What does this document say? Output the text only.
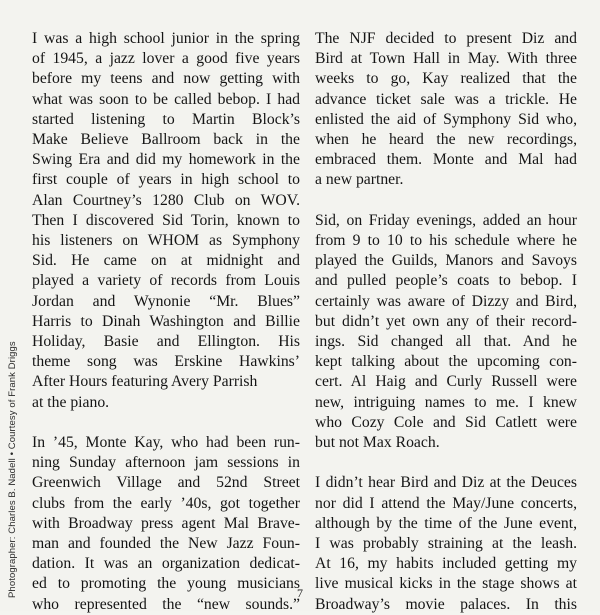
Photographer: Charles B. Nadell • Courtesy of Frank Driggs

I was a high school junior in the spring
of 1945, a jazz lover a good five years
before my teens and now getting with
what was soon to be called bebop. I had
started listening to Martin Block’s
Make Believe Ballroom back in the
Swing Era and did my homework in the
first couple of years in high school to
Alan Courtney’s 1280 Club on WOV.
Then I discovered Sid Torin, known to
his listeners on WHOM as Symphony
Sid. He came on at midnight and
played a variety of records from Louis
Jordan and Wynonie “Mr. Blues”
Harris to Dinah Washington and Billie
Holiday, Basie and Ellington. His
theme song was Erskine Hawkins’
After Hours featuring Avery Parrish
at the piano.

In ’45, Monte Kay, who had been run-
ning Sunday afternoon jam sessions in
Greenwich Village and 52nd Street
clubs from the early ’40s, got together
with Broadway press agent Mal Brave-
man and founded the New Jazz Foun-
dation. It was an organization dedicat-
ed to promoting the young musicians
who represented the “new sounds.”

The NJF decided to present Diz and
Bird at Town Hall in May. With three
weeks to go, Kay realized that the
advance ticket sale was a trickle. He
enlisted the aid of Symphony Sid who,
when he heard the new recordings,
embraced them. Monte and Mal had
a new partner.

Sid, on Friday evenings, added an hour
from 9 to 10 to his schedule where he
played the Guilds, Manors and Savoys
and pulled people’s coats to bebop. I
certainly was aware of Dizzy and Bird,
but didn’t yet own any of their record-
ings. Sid changed all that. And he
kept talking about the upcoming con-
cert. Al Haig and Curly Russell were
new, intriguing names to me. I knew
who Cozy Cole and Sid Catlett were
but not Max Roach.

I didn’t hear Bird and Diz at the Deuces
nor did I attend the May/June concerts,
although by the time of the June event,
I was probably straining at the leash.
At 16, my habits included getting my
live musical kicks in the stage shows at
Broadway’s movie palaces. In this

7
